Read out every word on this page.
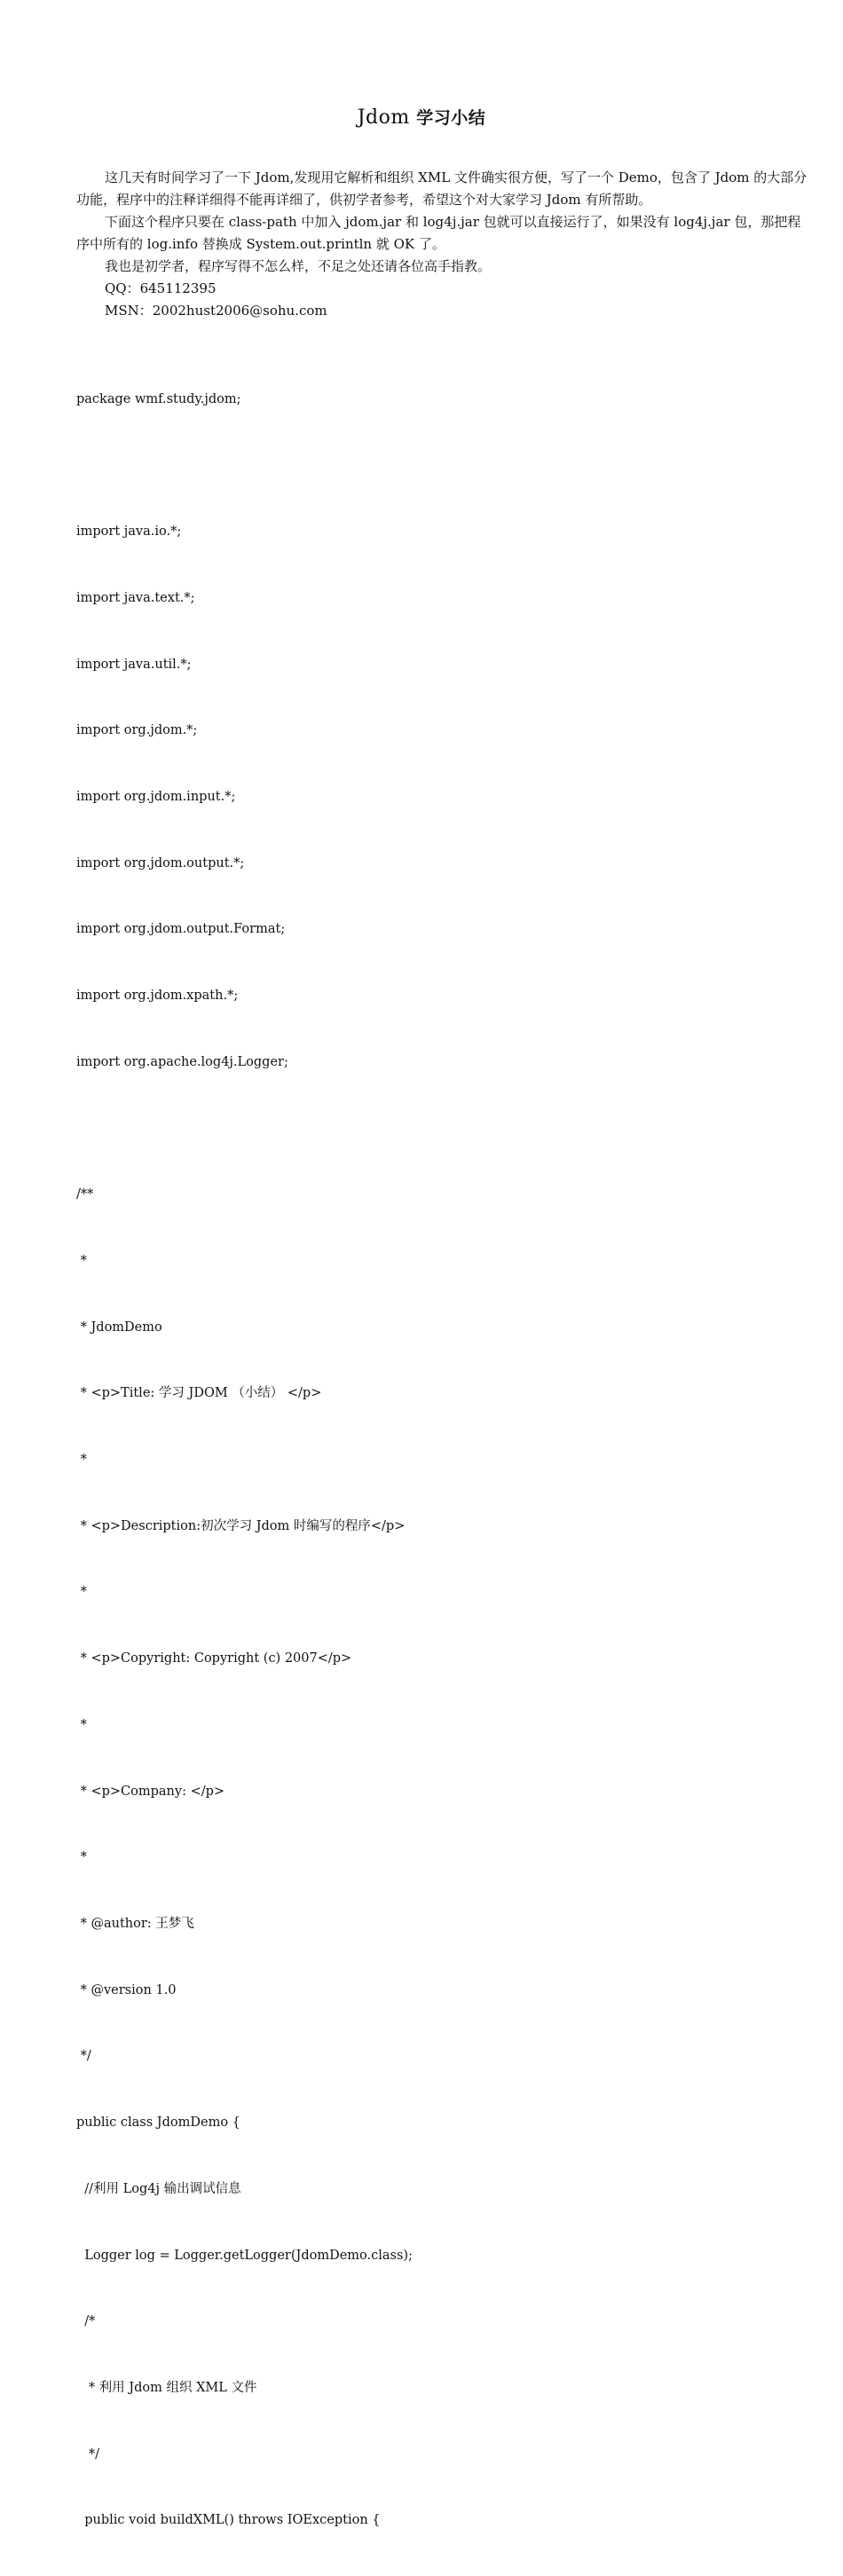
Jdom 学习小结

这几天有时间学习了一下 Jdom,发现用它解析和组织 XML 文件确实很方便，写了一个 Demo，包含了 Jdom 的大部分功能，程序中的注释详细得不能再详细了，供初学者参考，希望这个对大家学习 Jdom 有所帮助。

下面这个程序只要在 class-path 中加入 jdom.jar 和 log4j.jar 包就可以直接运行了，如果没有 log4j.jar 包，那把程序中所有的 log.info 替换成 System.out.println 就 OK 了。

我也是初学者，程序写得不怎么样，不足之处还请各位高手指教。

QQ：645112395

MSN：2002hust2006@sohu.com

package wmf.study.jdom;

import java.io.*;

import java.text.*;

import java.util.*;

import org.jdom.*;

import org.jdom.input.*;

import org.jdom.output.*;

import org.jdom.output.Format;

import org.jdom.xpath.*;

import org.apache.log4j.Logger;

/**

*

* JdomDemo

* <p>Title: 学习 JDOM （小结） </p>

*

* <p>Description:初次学习 Jdom 时编写的程序</p>

*

* <p>Copyright: Copyright (c) 2007</p>

*

* <p>Company: </p>

*

* @author: 王梦飞

* @version 1.0

*/

public class JdomDemo {

//利用 Log4j 输出调试信息

Logger log = Logger.getLogger(JdomDemo.class);

/*

* 利用 Jdom 组织 XML 文件

*/

public void buildXML() throws IOException {
